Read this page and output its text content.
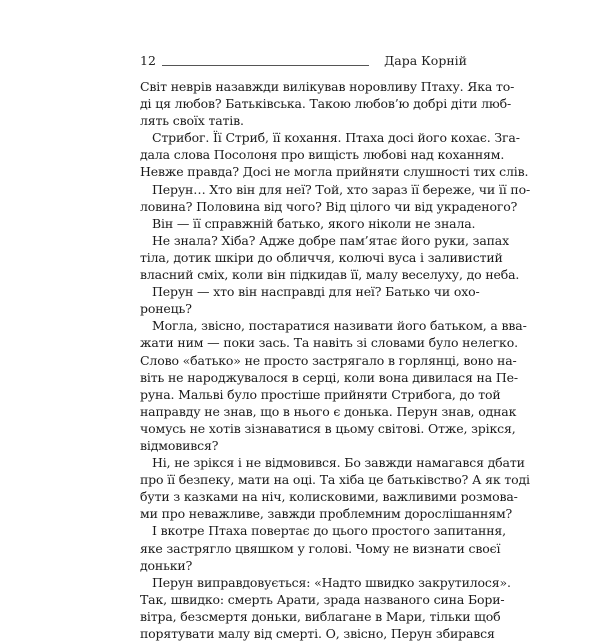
12	Дара Корній
Світ неврів назавжди вилікував норовливу Птаху. Яка то-
ді ця любов? Батьківська. Такою любов’ю добрі діти люб-
лять своїх татів.
Стрибог. Її Стриб, її кохання. Птаха досі його кохає. Зга-
дала слова Посолоня про вищість любові над коханням.
Невже правда? Досі не могла прийняти слушності тих слів.
Перун… Хто він для неї? Той, хто зараз її береже, чи її по-
ловина? Половина від чого? Від цілого чи від украденого?
Він — її справжній батько, якого ніколи не знала.
Не знала? Хіба? Адже добре пам’ятає його руки, запах
тіла, дотик шкіри до обличчя, колючі вуса і заливистий
власний сміх, коли він підкидав її, малу веселуху, до неба.
Перун — хто він насправді для неї? Батько чи охо-
ронець?
Могла, звісно, постаратися називати його батьком, а вва-
жати ним — поки зась. Та навіть зі словами було нелегко.
Слово «батько» не просто застрягало в горлянці, воно на-
віть не народжувалося в серці, коли вона дивилася на Пе-
руна. Мальві було простіше прийняти Стрибога, до той
направду не знав, що в нього є донька. Перун знав, однак
чомусь не хотів зізнаватися в цьому світові. Отже, зрікся,
відмовився?
Ні, не зрікся і не відмовився. Бо завжди намагався дбати
про її безпеку, мати на оці. Та хіба це батьківство? А як тоді
бути з казками на ніч, колисковими, важливими розмова-
ми про неважливе, завжди проблемним дорослішанням?
І вкотре Птаха повертає до цього простого запитання,
яке застрягло цвяшком у голові. Чому не визнати своєї
доньки?
Перун виправдовується: «Надто швидко закрутилося».
Так, швидко: смерть Арати, зрада названого сина Бори-
вітра, безсмертя доньки, виблагане в Мари, тільки щоб
порятувати малу від смерті. О, звісно, Перун збирався
